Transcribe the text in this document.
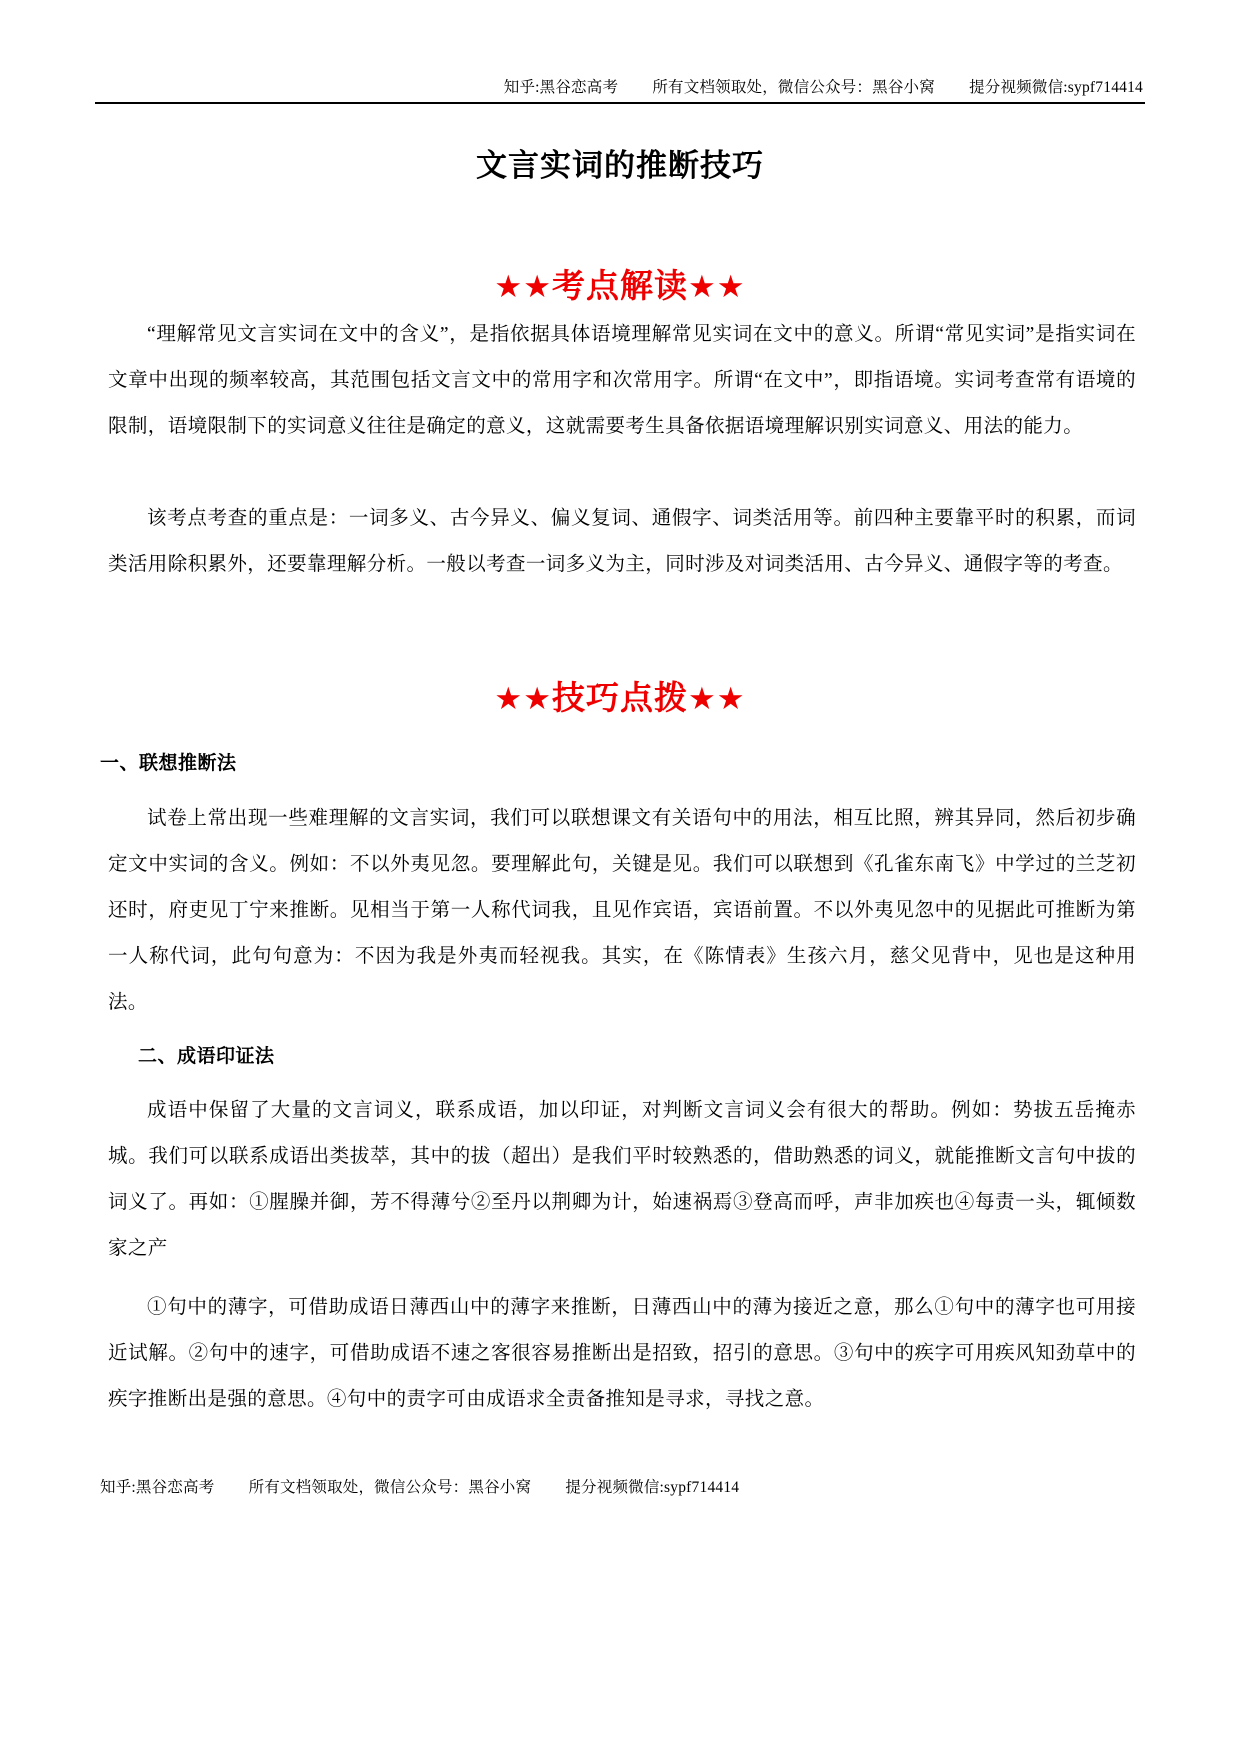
知乎:黑谷恋高考 所有文档领取处，微信公众号：黑谷小窝 提分视频微信:sypf714414
文言实词的推断技巧
★★考点解读★★

“理解常见文言实词在文中的含义”，是指依据具体语境理解常见实词在文中的意义。所谓“常见实词”是指实词在文章中出现的频率较高，其范围包括文言文中的常用字和次常用字。所谓“在文中”，即指语境。实词考查常有语境的限制，语境限制下的实词意义往往是确定的意义，这就需要考生具备依据语境理解识别实词意义、用法的能力。

该考点考查的重点是：一词多义、古今异义、偏义复词、通假字、词类活用等。前四种主要靠平时的积累，而词类活用除积累外，还要靠理解分析。一般以考查一词多义为主，同时涉及对词类活用、古今异义、通假字等的考查。

★★技巧点拨★★
一、联想推断法

试卷上常出现一些难理解的文言实词，我们可以联想课文有关语句中的用法，相互比照，辨其异同，然后初步确定文中实词的含义。例如：不以外夷见忽。要理解此句，关键是见。我们可以联想到《孔雀东南飞》中学过的兰芝初还时，府吏见丁宁来推断。见相当于第一人称代词我，且见作宾语，宾语前置。不以外夷见忽中的见据此可推断为第一人称代词，此句句意为：不因为我是外夷而轻视我。其实，在《陈情表》生孩六月，慈父见背中，见也是这种用法。

二、成语印证法

成语中保留了大量的文言词义，联系成语，加以印证，对判断文言词义会有很大的帮助。例如：势拔五岳掩赤城。我们可以联系成语出类拔萃，其中的拔（超出）是我们平时较熟悉的，借助熟悉的词义，就能推断文言句中拔的词义了。再如：①腥臊并御，芳不得薄兮②至丹以荆卿为计，始速祸焉③登高而呼，声非加疾也④每责一头，辄倾数家之产

①句中的薄字，可借助成语日薄西山中的薄字来推断，日薄西山中的薄为接近之意，那么①句中的薄字也可用接近试解。②句中的速字，可借助成语不速之客很容易推断出是招致，招引的意思。③句中的疾字可用疾风知劲草中的疾字推断出是强的意思。④句中的责字可由成语求全责备推知是寻求，寻找之意。

知乎:黑谷恋高考 所有文档领取处，微信公众号：黑谷小窝 提分视频微信:sypf714414
